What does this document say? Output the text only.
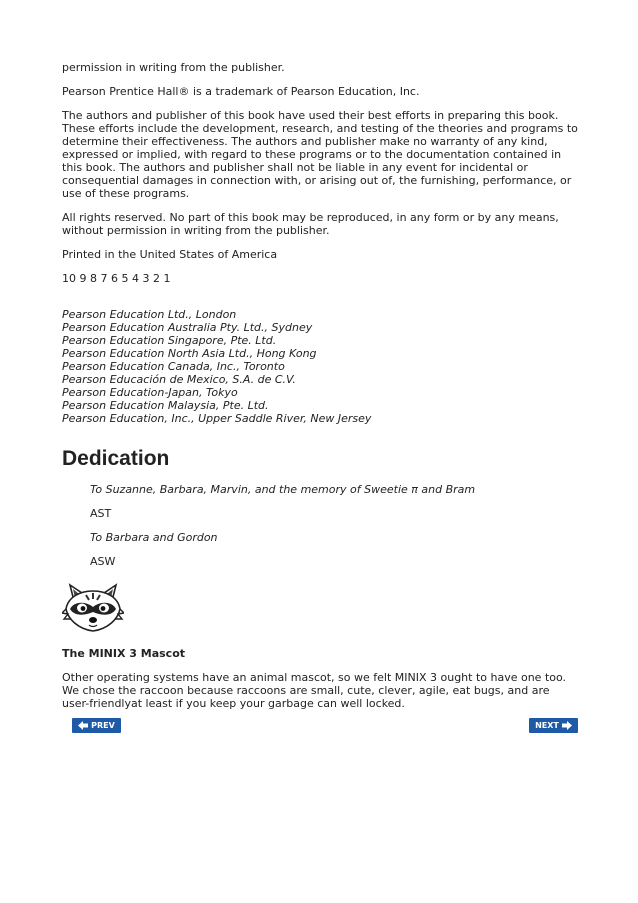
permission in writing from the publisher.

Pearson Prentice Hall® is a trademark of Pearson Education, Inc.

The authors and publisher of this book have used their best efforts in preparing this book. These efforts include the development, research, and testing of the theories and programs to determine their effectiveness. The authors and publisher make no warranty of any kind, expressed or implied, with regard to these programs or to the documentation contained in this book. The authors and publisher shall not be liable in any event for incidental or consequential damages in connection with, or arising out of, the furnishing, performance, or use of these programs.

All rights reserved. No part of this book may be reproduced, in any form or by any means, without permission in writing from the publisher.

Printed in the United States of America

10 9 8 7 6 5 4 3 2 1

Pearson Education Ltd., London
Pearson Education Australia Pty. Ltd., Sydney
Pearson Education Singapore, Pte. Ltd.
Pearson Education North Asia Ltd., Hong Kong
Pearson Education Canada, Inc., Toronto
Pearson Educación de Mexico, S.A. de C.V.
Pearson Education-Japan, Tokyo
Pearson Education Malaysia, Pte. Ltd.
Pearson Education, Inc., Upper Saddle River, New Jersey
Dedication

To Suzanne, Barbara, Marvin, and the memory of Sweetie π and Bram

AST

To Barbara and Gordon

ASW

The MINIX 3 Mascot

Other operating systems have an animal mascot, so we felt MINIX 3 ought to have one too. We chose the raccoon because raccoons are small, cute, clever, agile, eat bugs, and are user-friendlyat least if you keep your garbage can well locked.

PREV	NEXT
